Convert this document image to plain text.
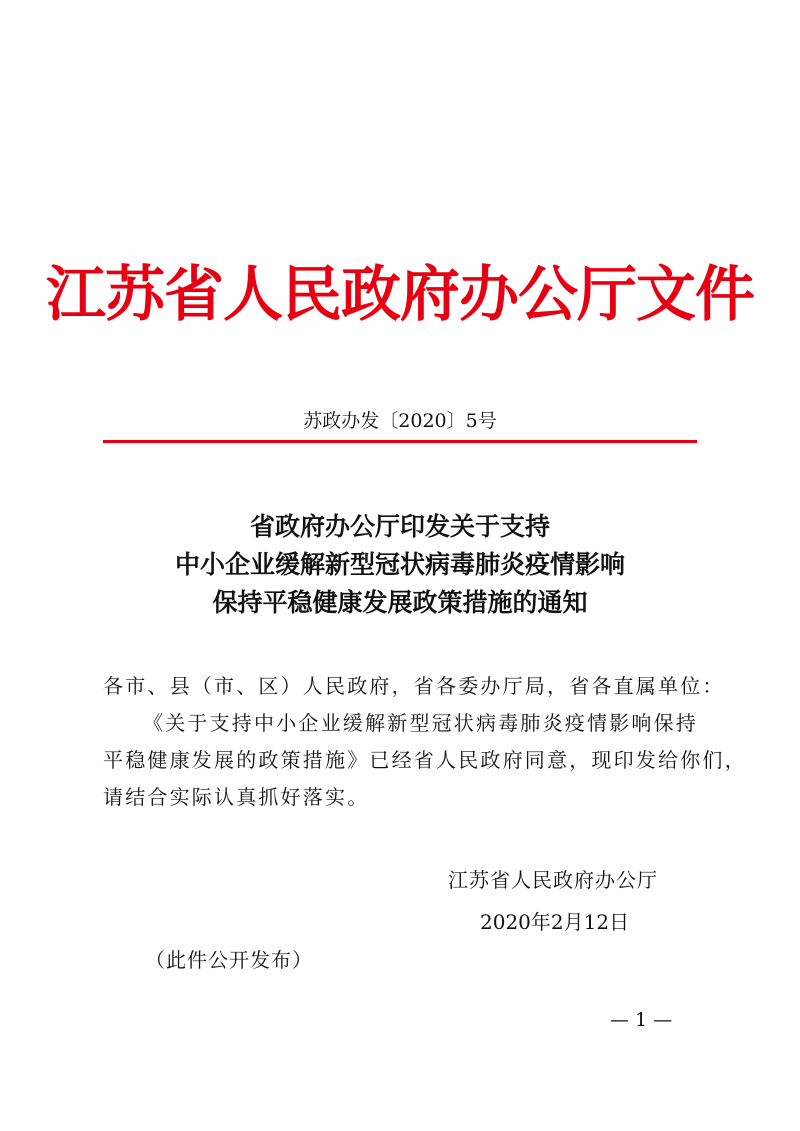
江苏省人民政府办公厅文件
苏政办发〔2020〕5号
省政府办公厅印发关于支持
中小企业缓解新型冠状病毒肺炎疫情影响
保持平稳健康发展政策措施的通知
各市、县（市、区）人民政府，省各委办厅局，省各直属单位：
《关于支持中小企业缓解新型冠状病毒肺炎疫情影响保持
平稳健康发展的政策措施》已经省人民政府同意，现印发给你们，
请结合实际认真抓好落实。
江苏省人民政府办公厅
2020年2月12日
（此件公开发布）
— 1 —
